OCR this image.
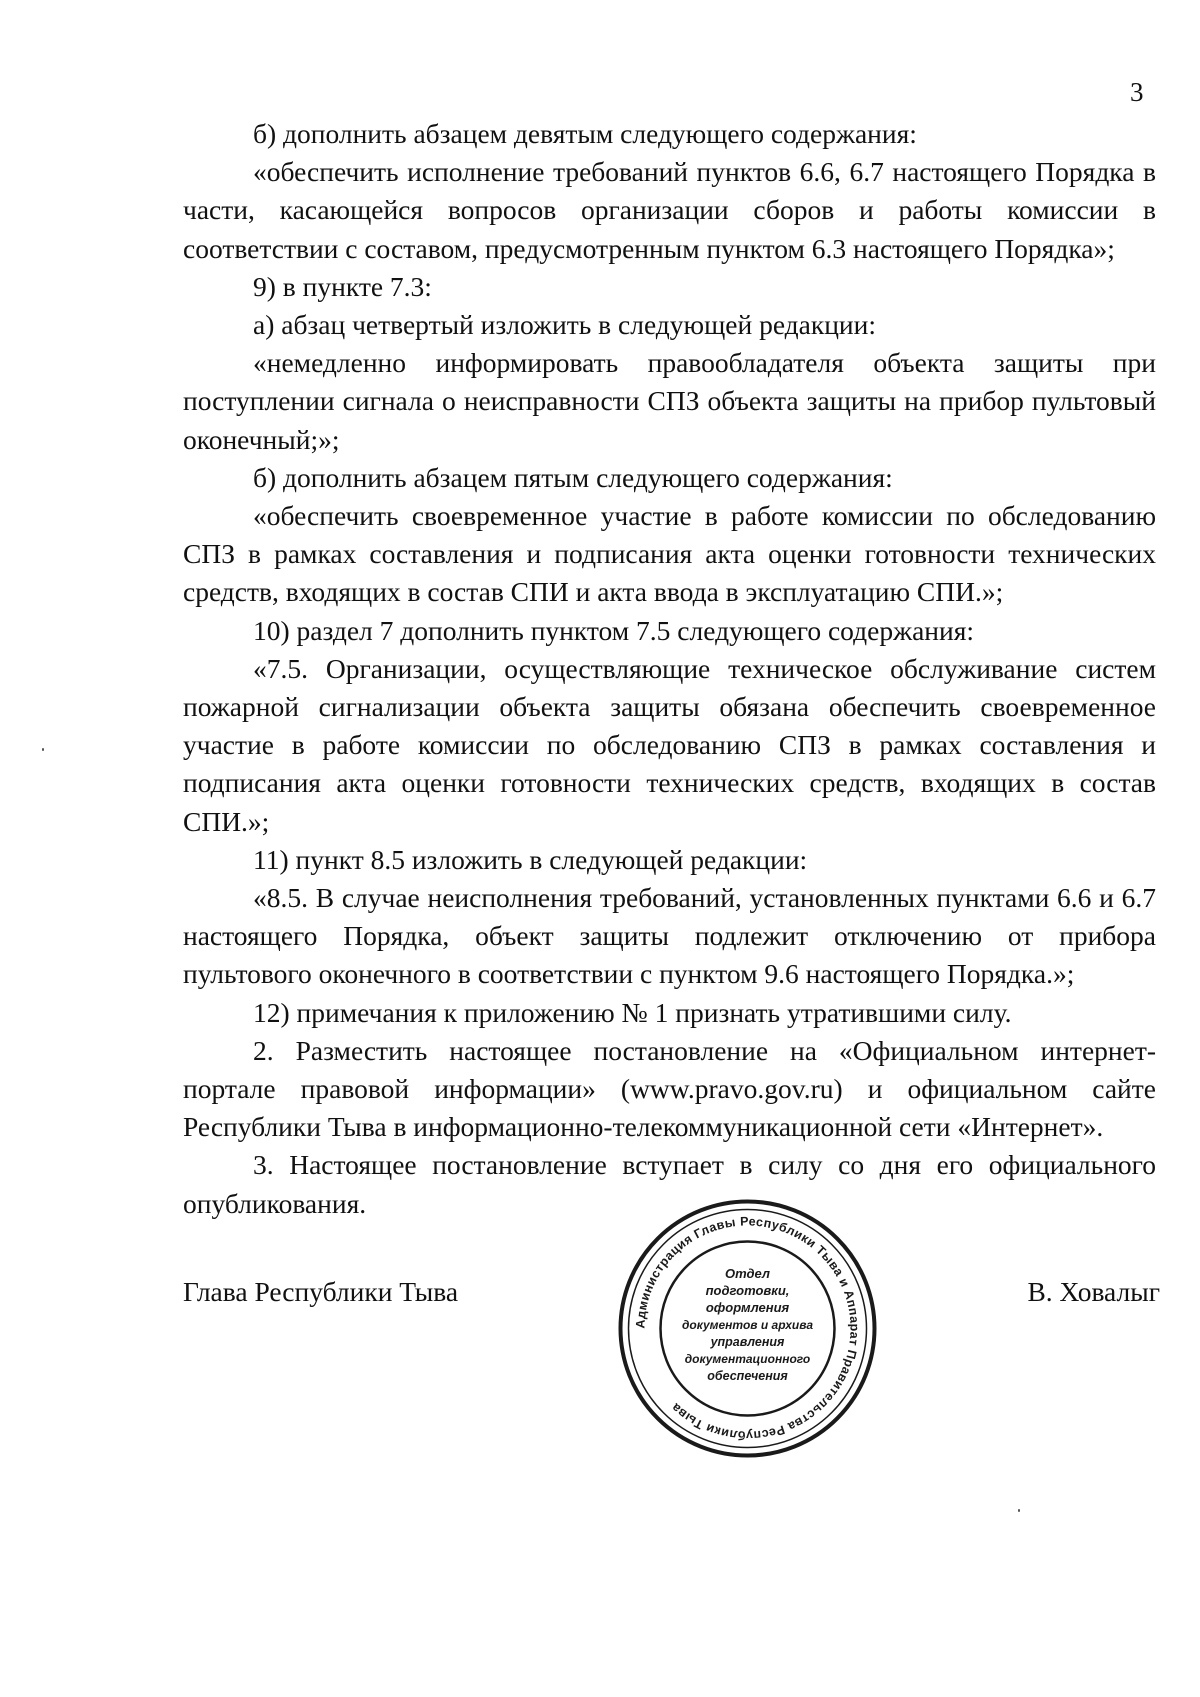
3

б) дополнить абзацем девятым следующего содержания:

«обеспечить исполнение требований пунктов 6.6, 6.7 настоящего Порядка в части, касающейся вопросов организации сборов и работы комиссии в соответствии с составом, предусмотренным пунктом 6.3 настоящего Порядка»;

9) в пункте 7.3:

а) абзац четвертый изложить в следующей редакции:

«немедленно информировать правообладателя объекта защиты при поступлении сигнала о неисправности СПЗ объекта защиты на прибор пультовый оконечный;»;

б) дополнить абзацем пятым следующего содержания:

«обеспечить своевременное участие в работе комиссии по обследованию СПЗ в рамках составления и подписания акта оценки готовности технических средств, входящих в состав СПИ и акта ввода в эксплуатацию СПИ.»;

10) раздел 7 дополнить пунктом 7.5 следующего содержания:

«7.5. Организации, осуществляющие техническое обслуживание систем пожарной сигнализации объекта защиты обязана обеспечить своевременное участие в работе комиссии по обследованию СПЗ в рамках составления и подписания акта оценки готовности технических средств, входящих в состав СПИ.»;

11) пункт 8.5 изложить в следующей редакции:

«8.5. В случае неисполнения требований, установленных пунктами 6.6 и 6.7 настоящего Порядка, объект защиты подлежит отключению от прибора пультового оконечного в соответствии с пунктом 9.6 настоящего Порядка.»;

12) примечания к приложению № 1 признать утратившими силу.

2. Разместить настоящее постановление на «Официальном интернет-портале правовой информации» (www.pravo.gov.ru) и официальном сайте Республики Тыва в информационно-телекоммуникационной сети «Интернет».

3. Настоящее постановление вступает в силу со дня его официального опубликования.

Глава Республики Тыва	В. Ховалыг
Администрация Главы Республики Тыва и Аппарат Правительства Республики Тыва
Отдел
подготовки,
оформления
документов и архива
управления
документационного
обеспечения
